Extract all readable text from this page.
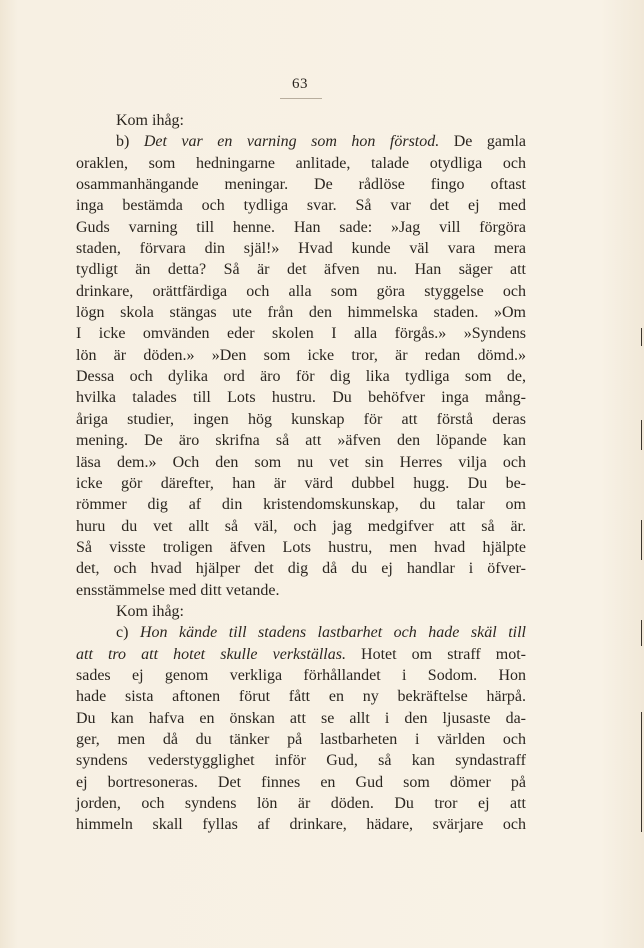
63
Kom ihåg:
b) Det var en varning som hon förstod. De gamla
oraklen, som hedningarne anlitade, talade otydliga och
osammanhängande meningar. De rådlöse fingo oftast
inga bestämda och tydliga svar. Så var det ej med
Guds varning till henne. Han sade: »Jag vill förgöra
staden, förvara din själ!» Hvad kunde väl vara mera
tydligt än detta? Så är det äfven nu. Han säger att
drinkare, orättfärdiga och alla som göra styggelse och
lögn skola stängas ute från den himmelska staden. »Om
I icke omvänden eder skolen I alla förgås.» »Syndens
lön är döden.» »Den som icke tror, är redan dömd.»
Dessa och dylika ord äro för dig lika tydliga som de,
hvilka talades till Lots hustru. Du behöfver inga mång-
åriga studier, ingen hög kunskap för att förstå deras
mening. De äro skrifna så att »äfven den löpande kan
läsa dem.» Och den som nu vet sin Herres vilja och
icke gör därefter, han är värd dubbel hugg. Du be-
römmer dig af din kristendomskunskap, du talar om
huru du vet allt så väl, och jag medgifver att så är.
Så visste troligen äfven Lots hustru, men hvad hjälpte
det, och hvad hjälper det dig då du ej handlar i öfver-
ensstämmelse med ditt vetande.
Kom ihåg:
c) Hon kände till stadens lastbarhet och hade skäl till
att tro att hotet skulle verkställas. Hotet om straff mot-
sades ej genom verkliga förhållandet i Sodom. Hon
hade sista aftonen förut fått en ny bekräftelse härpå.
Du kan hafva en önskan att se allt i den ljusaste da-
ger, men då du tänker på lastbarheten i världen och
syndens vederstygglighet inför Gud, så kan syndastraff
ej bortresoneras. Det finnes en Gud som dömer på
jorden, och syndens lön är döden. Du tror ej att
himmeln skall fyllas af drinkare, hädare, svärjare och
